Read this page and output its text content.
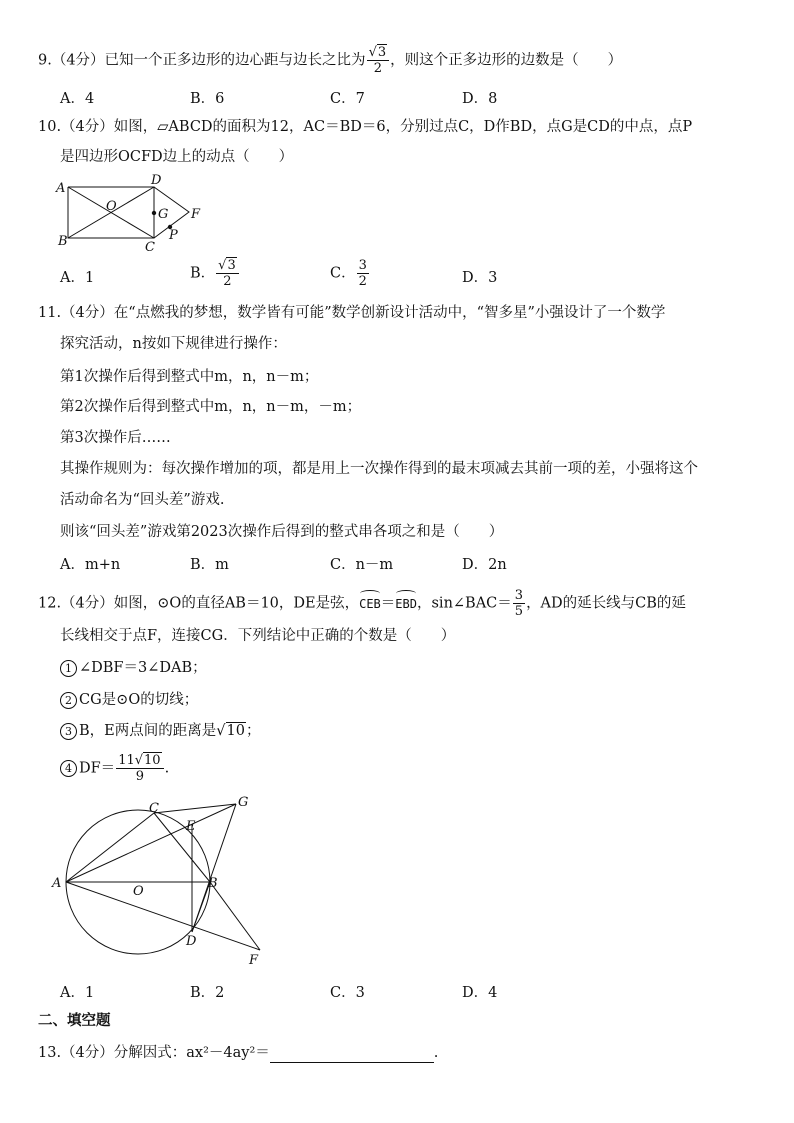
9.（4分）已知一个正多边形的边心距与边长之比为 $\frac{√3}{2}$ ，则这个正多边形的边数是（　　）
A．4	B．6	C．7	D．8
10.（4分）如图，▱ABCD的面积为12，AC＝BD＝6，分别过点C，D作BD，点G是CD的中点，点P
是四边形OCFD边上的动点（　　）
A
B	C
D
O
G F
P
A．1	B． $\frac{√3}{2}$	C． $\frac{3}{2}$	D．3
11.（4分）在“点燃我的梦想，数学皆有可能”数学创新设计活动中，“智多星”小强设计了一个数学
探究活动，n按如下规律进行操作：
第1次操作后得到整式中m，n，n－m；
第2次操作后得到整式中m，n，n－m，－m；
第3次操作后……
其操作规则为：每次操作增加的项，都是用上一次操作得到的最末项减去其前一项的差，小强将这个
活动命名为“回头差”游戏.
则该“回头差”游戏第2023次操作后得到的整式串各项之和是（　　）
A．m+n	B．m	C．n－m	D．2n
12.（4分）如图，⊙O的直径AB＝10，DE是弦，CEB＝EBD，sin∠BAC＝ $\frac{3}{5}$ ，AD的延长线与CB的延
长线相交于点F，连接CG．下列结论中正确的个数是（　　）
1 ∠DBF＝3∠DAB；
2 CG是⊙O的切线；
3 B，E两点间的距离是√10；
4 $DF= \frac{11√10}{9}$ .
A	B
C
D
E
F
G
O
A．1	B．2	C．3	D．4
二、填空题
13.（4分）分解因式：ax²－4ay²＝	.
